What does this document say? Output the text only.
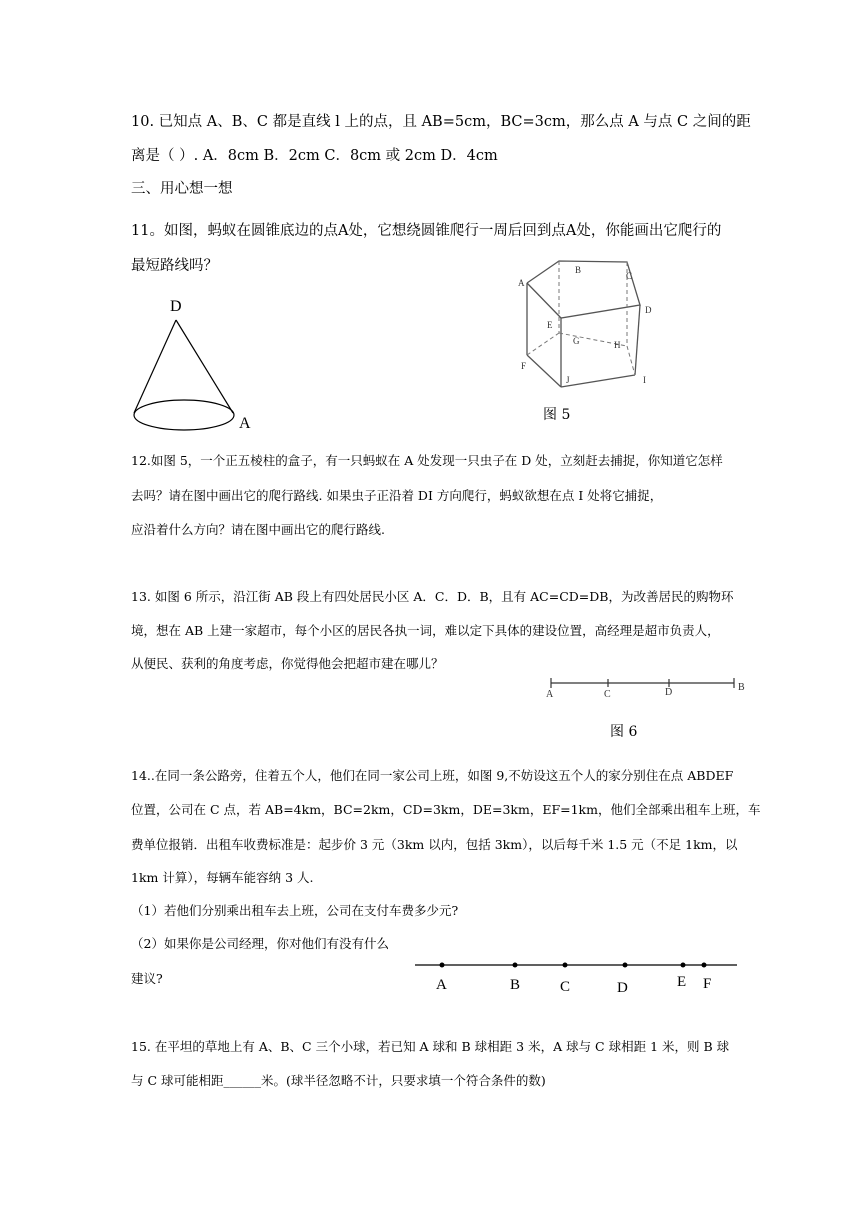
10. 已知点 A、B、C 都是直线 l 上的点，且 AB=5cm，BC=3cm，那么点 A 与点 C 之间的距
离是（ ）. A．8cm B．2cm C．8cm 或 2cm D．4cm
三、用心想一想
11。如图，蚂蚁在圆锥底边的点A处，它想绕圆锥爬行一周后回到点A处，你能画出它爬行的
最短路线吗？
D
A
A
B
C
D
E
F
G	H
I
J
图 5
12.如图 5，一个正五棱柱的盒子，有一只蚂蚁在 A 处发现一只虫子在 D 处，立刻赶去捕捉，你知道它怎样
去吗？请在图中画出它的爬行路线. 如果虫子正沿着 DI 方向爬行，蚂蚁欲想在点 I 处将它捕捉，
应沿着什么方向？请在图中画出它的爬行路线.
13. 如图 6 所示，沿江街 AB 段上有四处居民小区 A．C．D．B，且有 AC=CD=DB，为改善居民的购物环
境，想在 AB 上建一家超市，每个小区的居民各执一词，难以定下具体的建设位置，高经理是超市负责人，
从便民、获利的角度考虑，你觉得他会把超市建在哪儿？
A	C	D	B
图 6
14..在同一条公路旁，住着五个人，他们在同一家公司上班，如图 9,不妨设这五个人的家分别住在点 ABDEF
位置，公司在 C 点，若 AB=4km，BC=2km，CD=3km，DE=3km，EF=1km，他们全部乘出租车上班，车
费单位报销．出租车收费标准是：起步价 3 元（3km 以内，包括 3km），以后每千米 1.5 元（不足 1km，以
1km 计算），每辆车能容纳 3 人.
（1）若他们分别乘出租车去上班，公司在支付车费多少元?
（2）如果你是公司经理，你对他们有没有什么
建议?	A	B	C	D	E F
15. 在平坦的草地上有 A、B、C 三个小球，若已知 A 球和 B 球相距 3 米，A 球与 C 球相距 1 米，则 B 球
与 C 球可能相距______米。(球半径忽略不计，只要求填一个符合条件的数)
